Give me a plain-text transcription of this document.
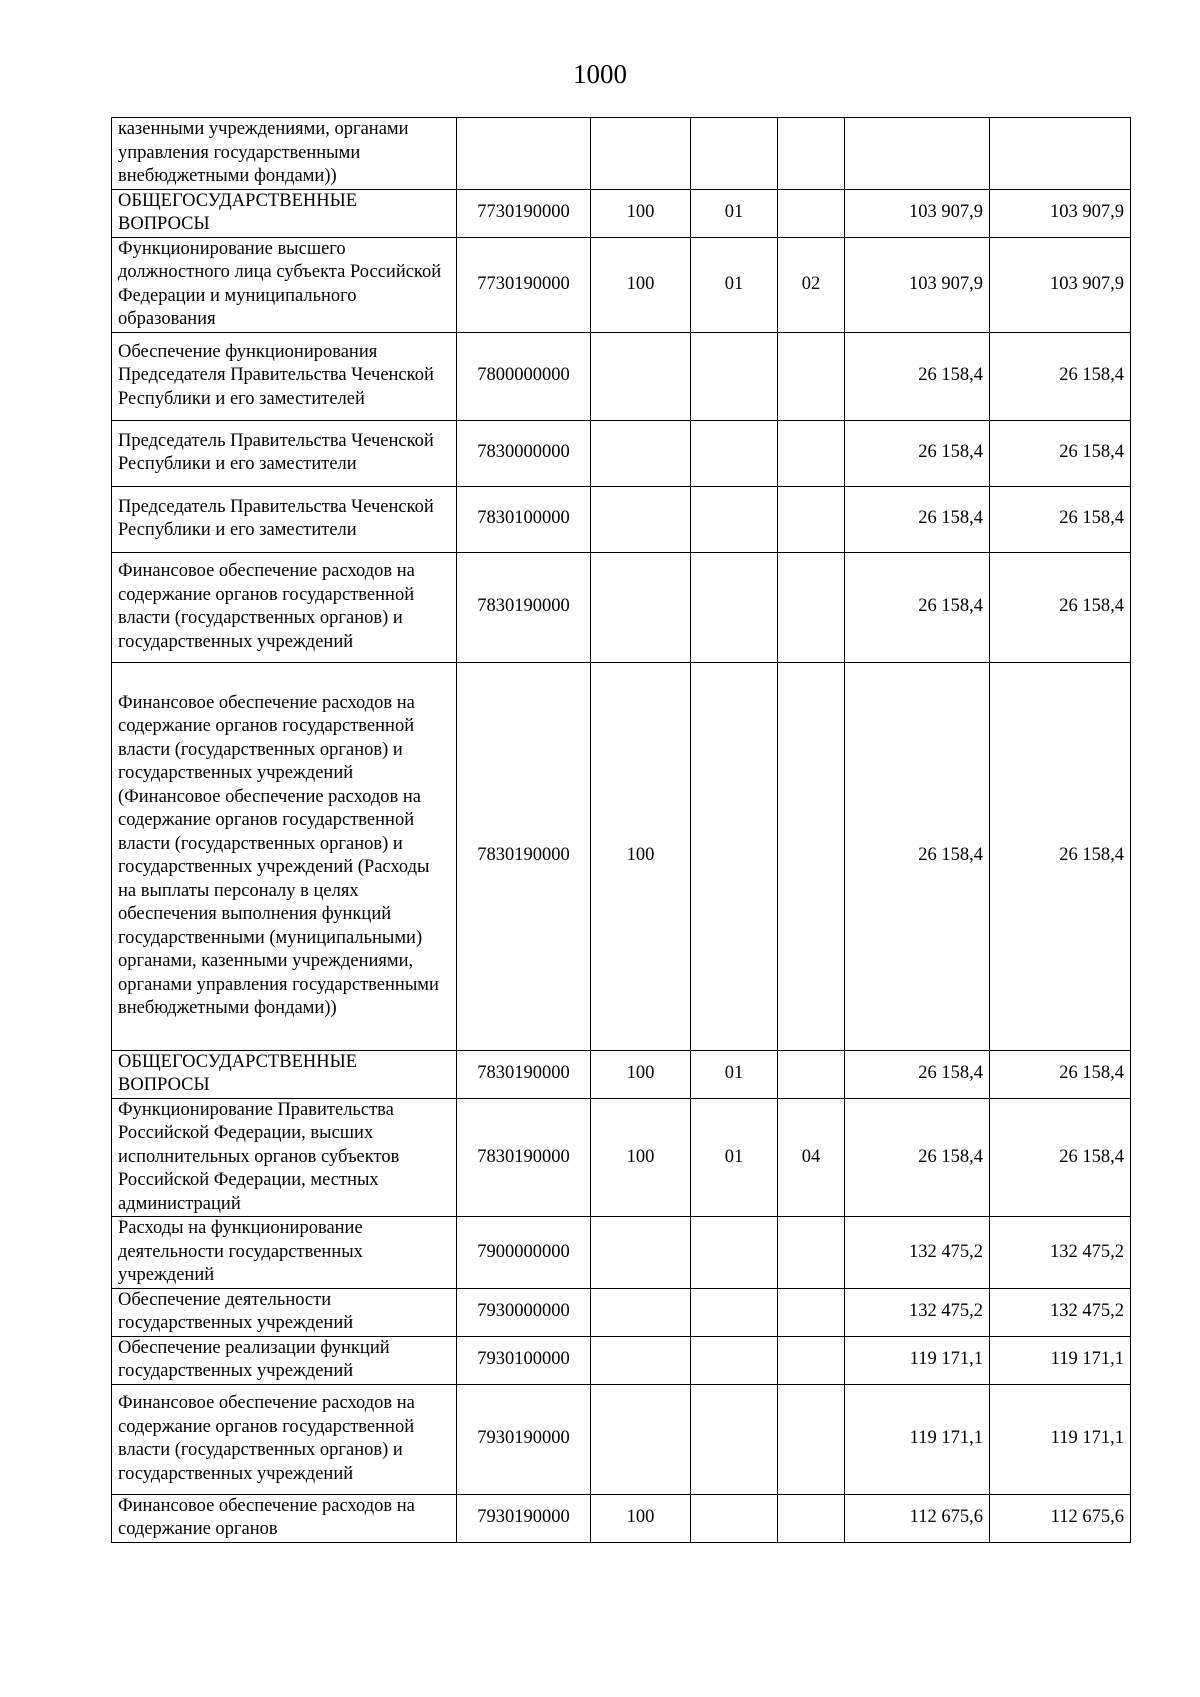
1000
казенными учреждениями, органами управления государственными внебюджетными фондами))						
ОБЩЕГОСУДАРСТВЕННЫЕ ВОПРОСЫ	7730190000	100	01		103 907,9	103 907,9
Функционирование высшего должностного лица субъекта Российской Федерации и муниципального образования	7730190000	100	01	02	103 907,9	103 907,9
Обеспечение функционирования Председателя Правительства Чеченской Республики и его заместителей	7800000000				26 158,4	26 158,4
Председатель Правительства Чеченской Республики и его заместители	7830000000				26 158,4	26 158,4
Председатель Правительства Чеченской Республики и его заместители	7830100000				26 158,4	26 158,4
Финансовое обеспечение расходов на содержание органов государственной власти (государственных органов) и государственных учреждений	7830190000				26 158,4	26 158,4
Финансовое обеспечение расходов на содержание органов государственной власти (государственных органов) и государственных учреждений (Финансовое обеспечение расходов на содержание органов государственной власти (государственных органов) и государственных учреждений (Расходы на выплаты персоналу в целях обеспечения выполнения функций государственными (муниципальными) органами, казенными учреждениями, органами управления государственными внебюджетными фондами))	7830190000	100			26 158,4	26 158,4
ОБЩЕГОСУДАРСТВЕННЫЕ ВОПРОСЫ	7830190000	100	01		26 158,4	26 158,4
Функционирование Правительства Российской Федерации, высших исполнительных органов субъектов Российской Федерации, местных администраций	7830190000	100	01	04	26 158,4	26 158,4
Расходы на функционирование деятельности государственных учреждений	7900000000				132 475,2	132 475,2
Обеспечение деятельности государственных учреждений	7930000000				132 475,2	132 475,2
Обеспечение реализации функций государственных учреждений	7930100000				119 171,1	119 171,1
Финансовое обеспечение расходов на содержание органов государственной власти (государственных органов) и государственных учреждений	7930190000				119 171,1	119 171,1
Финансовое обеспечение расходов на содержание органов	7930190000	100			112 675,6	112 675,6
